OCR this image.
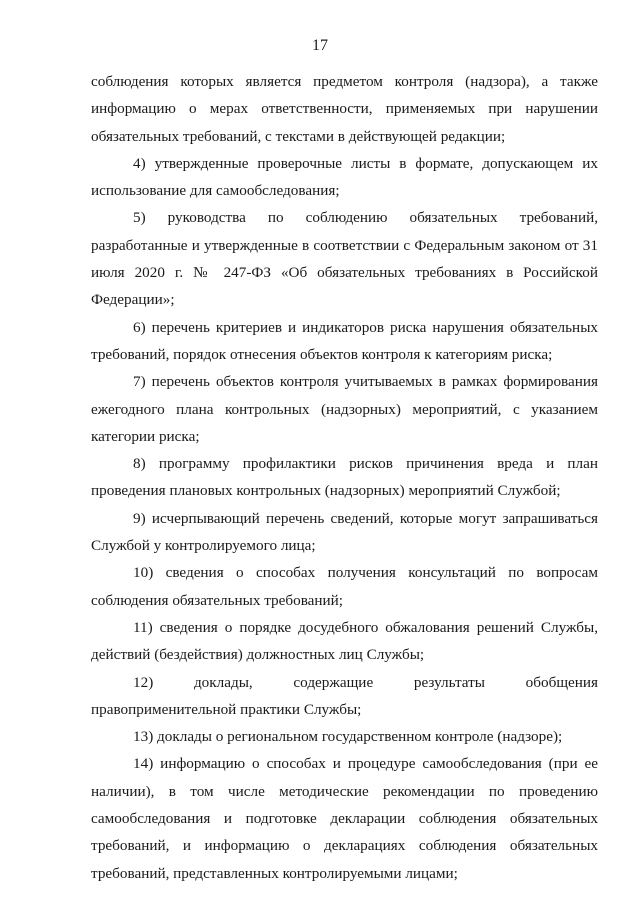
17

соблюдения которых является предметом контроля (надзора), а также информацию о мерах ответственности, применяемых при нарушении обязательных требований, с текстами в действующей редакции;

4) утвержденные проверочные листы в формате, допускающем их использование для самообследования;

5) руководства по соблюдению обязательных требований, разработанные и утвержденные в соответствии с Федеральным законом от 31 июля 2020 г. № 247-ФЗ «Об обязательных требованиях в Российской Федерации»;

6) перечень критериев и индикаторов риска нарушения обязательных требований, порядок отнесения объектов контроля к категориям риска;

7) перечень объектов контроля учитываемых в рамках формирования ежегодного плана контрольных (надзорных) мероприятий, с указанием категории риска;

8) программу профилактики рисков причинения вреда и план проведения плановых контрольных (надзорных) мероприятий Службой;

9) исчерпывающий перечень сведений, которые могут запрашиваться Службой у контролируемого лица;

10) сведения о способах получения консультаций по вопросам соблюдения обязательных требований;

11) сведения о порядке досудебного обжалования решений Службы, действий (бездействия) должностных лиц Службы;

12) доклады, содержащие результаты обобщения правоприменительной практики Службы;

13) доклады о региональном государственном контроле (надзоре);

14) информацию о способах и процедуре самообследования (при ее наличии), в том числе методические рекомендации по проведению самообследования и подготовке декларации соблюдения обязательных требований, и информацию о декларациях соблюдения обязательных требований, представленных контролируемыми лицами;
